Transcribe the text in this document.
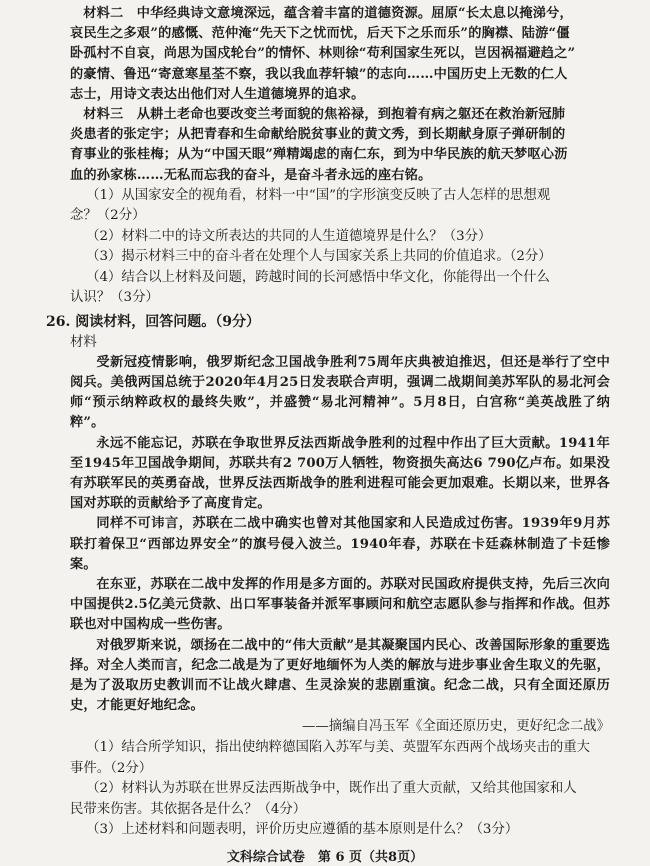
材料二　中华经典诗文意境深远，蕴含着丰富的道德资源。屈原“长太息以掩涕兮，

哀民生之多艰”的感慨、范仲淹“先天下之忧而忧，后天下之乐而乐”的胸襟、陆游“僵

卧孤村不自哀，尚思为国戍轮台”的情怀、林则徐“苟利国家生死以，岂因祸福避趋之”

的豪情、鲁迅“寄意寒星荃不察，我以我血荐轩辕”的志向……中国历史上无数的仁人

志士，用诗文表达出他们对人生道德境界的追求。

材料三　从耕土老命也要改变兰考面貌的焦裕禄，到抱着有病之躯还在救治新冠肺

炎患者的张定宇；从把青春和生命献给脱贫事业的黄文秀，到长期献身原子弹研制的

育事业的张桂梅；从为“中国天眼”殚精竭虑的南仁东，到为中华民族的航天梦呕心沥

血的孙家栋……无私而忘我的奋斗，是奋斗者永远的座右铭。

（1）从国家安全的视角看，材料一中“国”的字形演变反映了古人怎样的思想观

念？（2分）

（2）材料二中的诗文所表达的共同的人生道德境界是什么？（3分）

（3）揭示材料三中的奋斗者在处理个人与国家关系上共同的价值追求。（2分）

（4）结合以上材料及问题，跨越时间的长河感悟中华文化，你能得出一个什么

认识？（3分）

26. 阅读材料，回答问题。（9分）

材料

受新冠疫情影响，俄罗斯纪念卫国战争胜利75周年庆典被迫推迟，但还是举行了空中阅兵。美俄两国总统于2020年4月25日发表联合声明，强调二战期间美苏军队的易北河会师“预示纳粹政权的最终失败”，并盛赞“易北河精神”。5月8日，白宫称“美英战胜了纳粹”。

永远不能忘记，苏联在争取世界反法西斯战争胜利的过程中作出了巨大贡献。1941年至1945年卫国战争期间，苏联共有2 700万人牺牲，物资损失高达6 790亿卢布。如果没有苏联军民的英勇奋战，世界反法西斯战争的胜利进程可能会更加艰难。长期以来，世界各国对苏联的贡献给予了高度肯定。

同样不可讳言，苏联在二战中确实也曾对其他国家和人民造成过伤害。1939年9月苏联打着保卫“西部边界安全”的旗号侵入波兰。1940年春，苏联在卡廷森林制造了卡廷惨案。

在东亚，苏联在二战中发挥的作用是多方面的。苏联对民国政府提供支持，先后三次向中国提供2.5亿美元贷款、出口军事装备并派军事顾问和航空志愿队参与指挥和作战。但苏联也对中国构成一些伤害。

对俄罗斯来说，颂扬在二战中的“伟大贡献”是其凝聚国内民心、改善国际形象的重要选择。对全人类而言，纪念二战是为了更好地缅怀为人类的解放与进步事业舍生取义的先驱，是为了汲取历史教训而不让战火肆虐、生灵涂炭的悲剧重演。纪念二战，只有全面还原历史，才能更好地纪念。

——摘编自冯玉军《全面还原历史，更好纪念二战》

（1）结合所学知识，指出使纳粹德国陷入苏军与美、英盟军东西两个战场夹击的重大

事件。（2分）

（2）材料认为苏联在世界反法西斯战争中，既作出了重大贡献，又给其他国家和人

民带来伤害。其依据各是什么？（4分）

（3）上述材料和问题表明，评价历史应遵循的基本原则是什么？（3分）

文科综合试卷　第 6 页（共8页）
